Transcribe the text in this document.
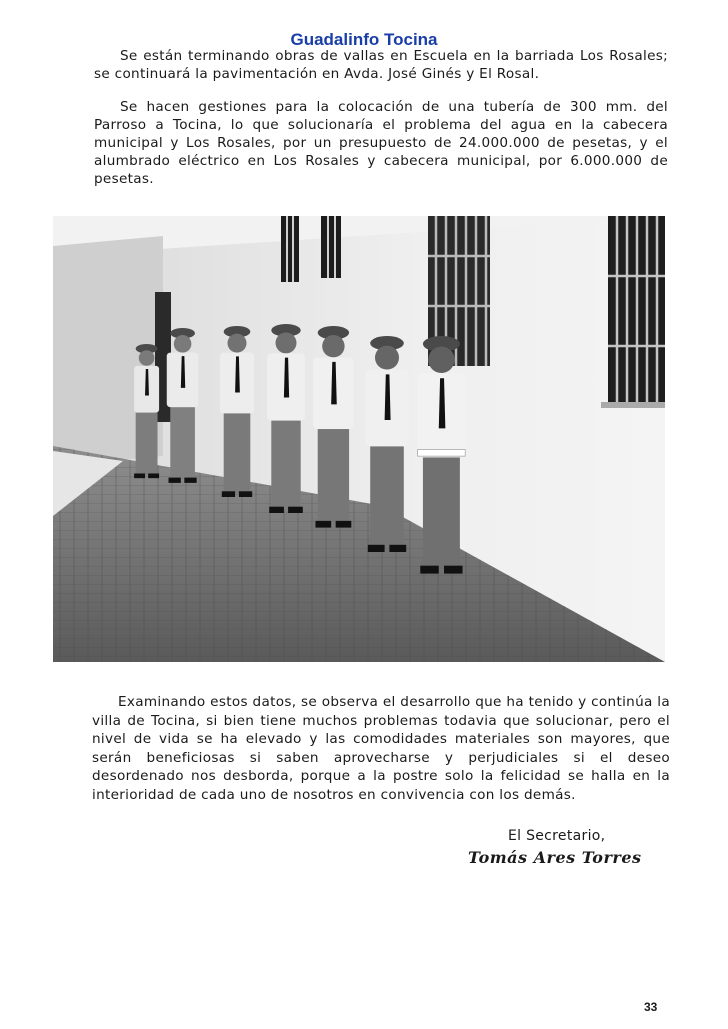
Guadalinfo Tocina

Se están terminando obras de vallas en Escuela en la barriada Los Rosales; se continuará la pavimentación en Avda. José Ginés y El Rosal.

Se hacen gestiones para la colocación de una tubería de 300 mm. del Parroso a Tocina, lo que solucionaría el problema del agua en la cabecera municipal y Los Rosales, por un presupuesto de 24.000.000 de pesetas, y el alumbrado eléctrico en Los Rosales y cabecera municipal, por 6.000.000 de pesetas.

Examinando estos datos, se observa el desarrollo que ha tenido y continúa la villa de Tocina, si bien tiene muchos problemas todavia que solucionar, pero el nivel de vida se ha elevado y las comodidades materiales son mayores, que serán beneficiosas si saben aprovecharse y perjudiciales si el deseo desordenado nos desborda, porque a la postre solo la felicidad se halla en la interioridad de cada uno de nosotros en convivencia con los demás.

El Secretario,
Tomás Ares Torres
33
